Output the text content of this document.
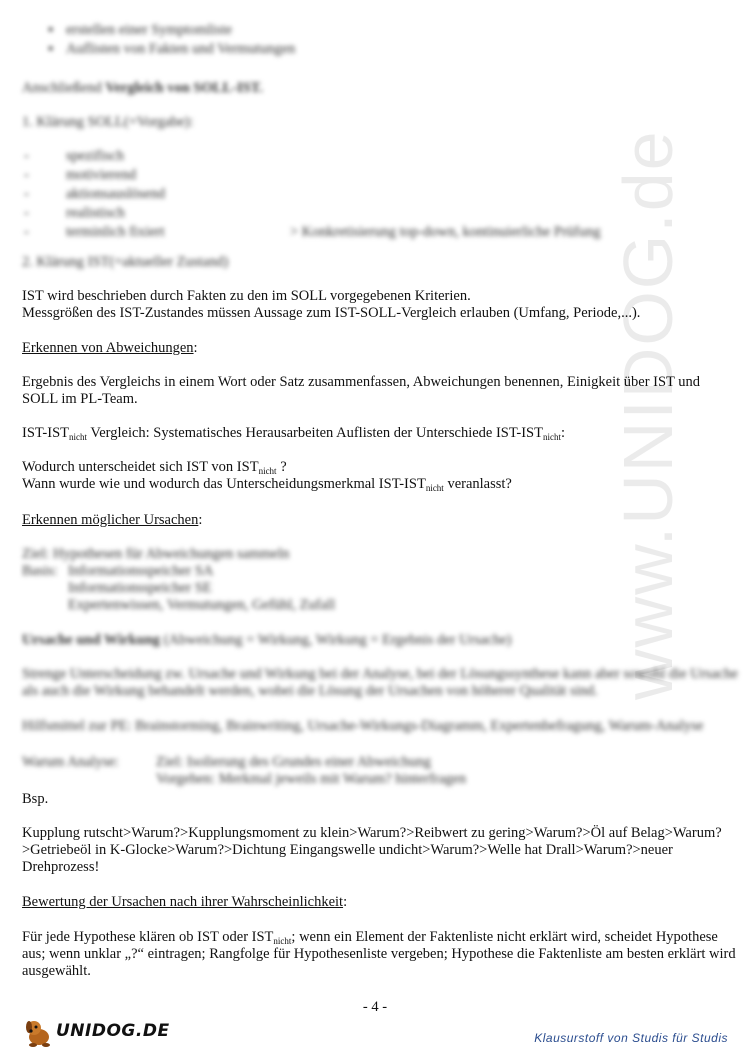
▪ erstellen einer Symptomliste
▪ Auflisten von Fakten und Vermutungen
Anschließend Vergleich von SOLL-IST.
1. Klärung SOLL(=Vorgabe):
- spezifisch
- motivierend
- aktionsauslösend
- realistisch
- terminlich fixiert	> Konkretisierung top-down, kontinuierliche Prüfung
2. Klärung IST(=aktueller Zustand)
IST wird beschrieben durch Fakten zu den im SOLL vorgegebenen Kriterien.
Messgrößen des IST-Zustandes müssen Aussage zum IST-SOLL-Vergleich erlauben (Umfang, Periode,...).
Erkennen von Abweichungen:
Ergebnis des Vergleichs in einem Wort oder Satz zusammenfassen, Abweichungen benennen, Einigkeit über IST und SOLL im PL-Team.
IST-$IST_{nicht}$ Vergleich: Systematisches Herausarbeiten Auflisten der Unterschiede IST-$IST_{nicht}$:
Wodurch unterscheidet sich IST von $IST_{nicht}$ ?
Wann wurde wie und wodurch das Unterscheidungsmerkmal IST-$IST_{nicht}$ veranlasst?
Erkennen möglicher Ursachen:
Ziel: Hypothesen für Abweichungen sammeln
Basis: Informationsspeicher SA
Informationsspeicher SE
Expertenwissen, Vermutungen, Gefühl, Zufall
Ursache und Wirkung (Abweichung = Wirkung, Wirkung = Ergebnis der Ursache)
Strenge Unterscheidung zw. Ursache und Wirkung bei der Analyse, bei der Lösungssynthese kann aber sowohl die Ursache als auch die Wirkung behandelt werden, wobei die Lösung der Ursachen von höherer Qualität sind.
Hilfsmittel zur PE: Brainstorming, Brainwriting, Ursache-Wirkungs-Diagramm, Expertenbefragung, Warum-Analyse
Warum Analyse:	Ziel: Isolierung des Grundes einer Abweichung
Vorgehen: Merkmal jeweils mit Warum? hinterfragen
Bsp.
Kupplung rutscht>Warum?>Kupplungsmoment zu klein>Warum?>Reibwert zu gering>Warum?>Öl auf Belag>Warum?>Getriebeöl in K-Glocke>Warum?>Dichtung Eingangswelle undicht>Warum?>Welle hat Drall>Warum?>neuer Drehprozess!
Bewertung der Ursachen nach ihrer Wahrscheinlichkeit:
Für jede Hypothese klären ob IST oder $IST_{nicht}$; wenn ein Element der Faktenliste nicht erklärt wird, scheidet Hypothese aus; wenn unklar „?“ eintragen; Rangfolge für Hypothesenliste vergeben; Hypothese die Faktenliste am besten erklärt wird ausgewählt.
www.UNIDOG.de
- 4 -
UNIDOG.DE	Klausurstoff von Studis für Studis
